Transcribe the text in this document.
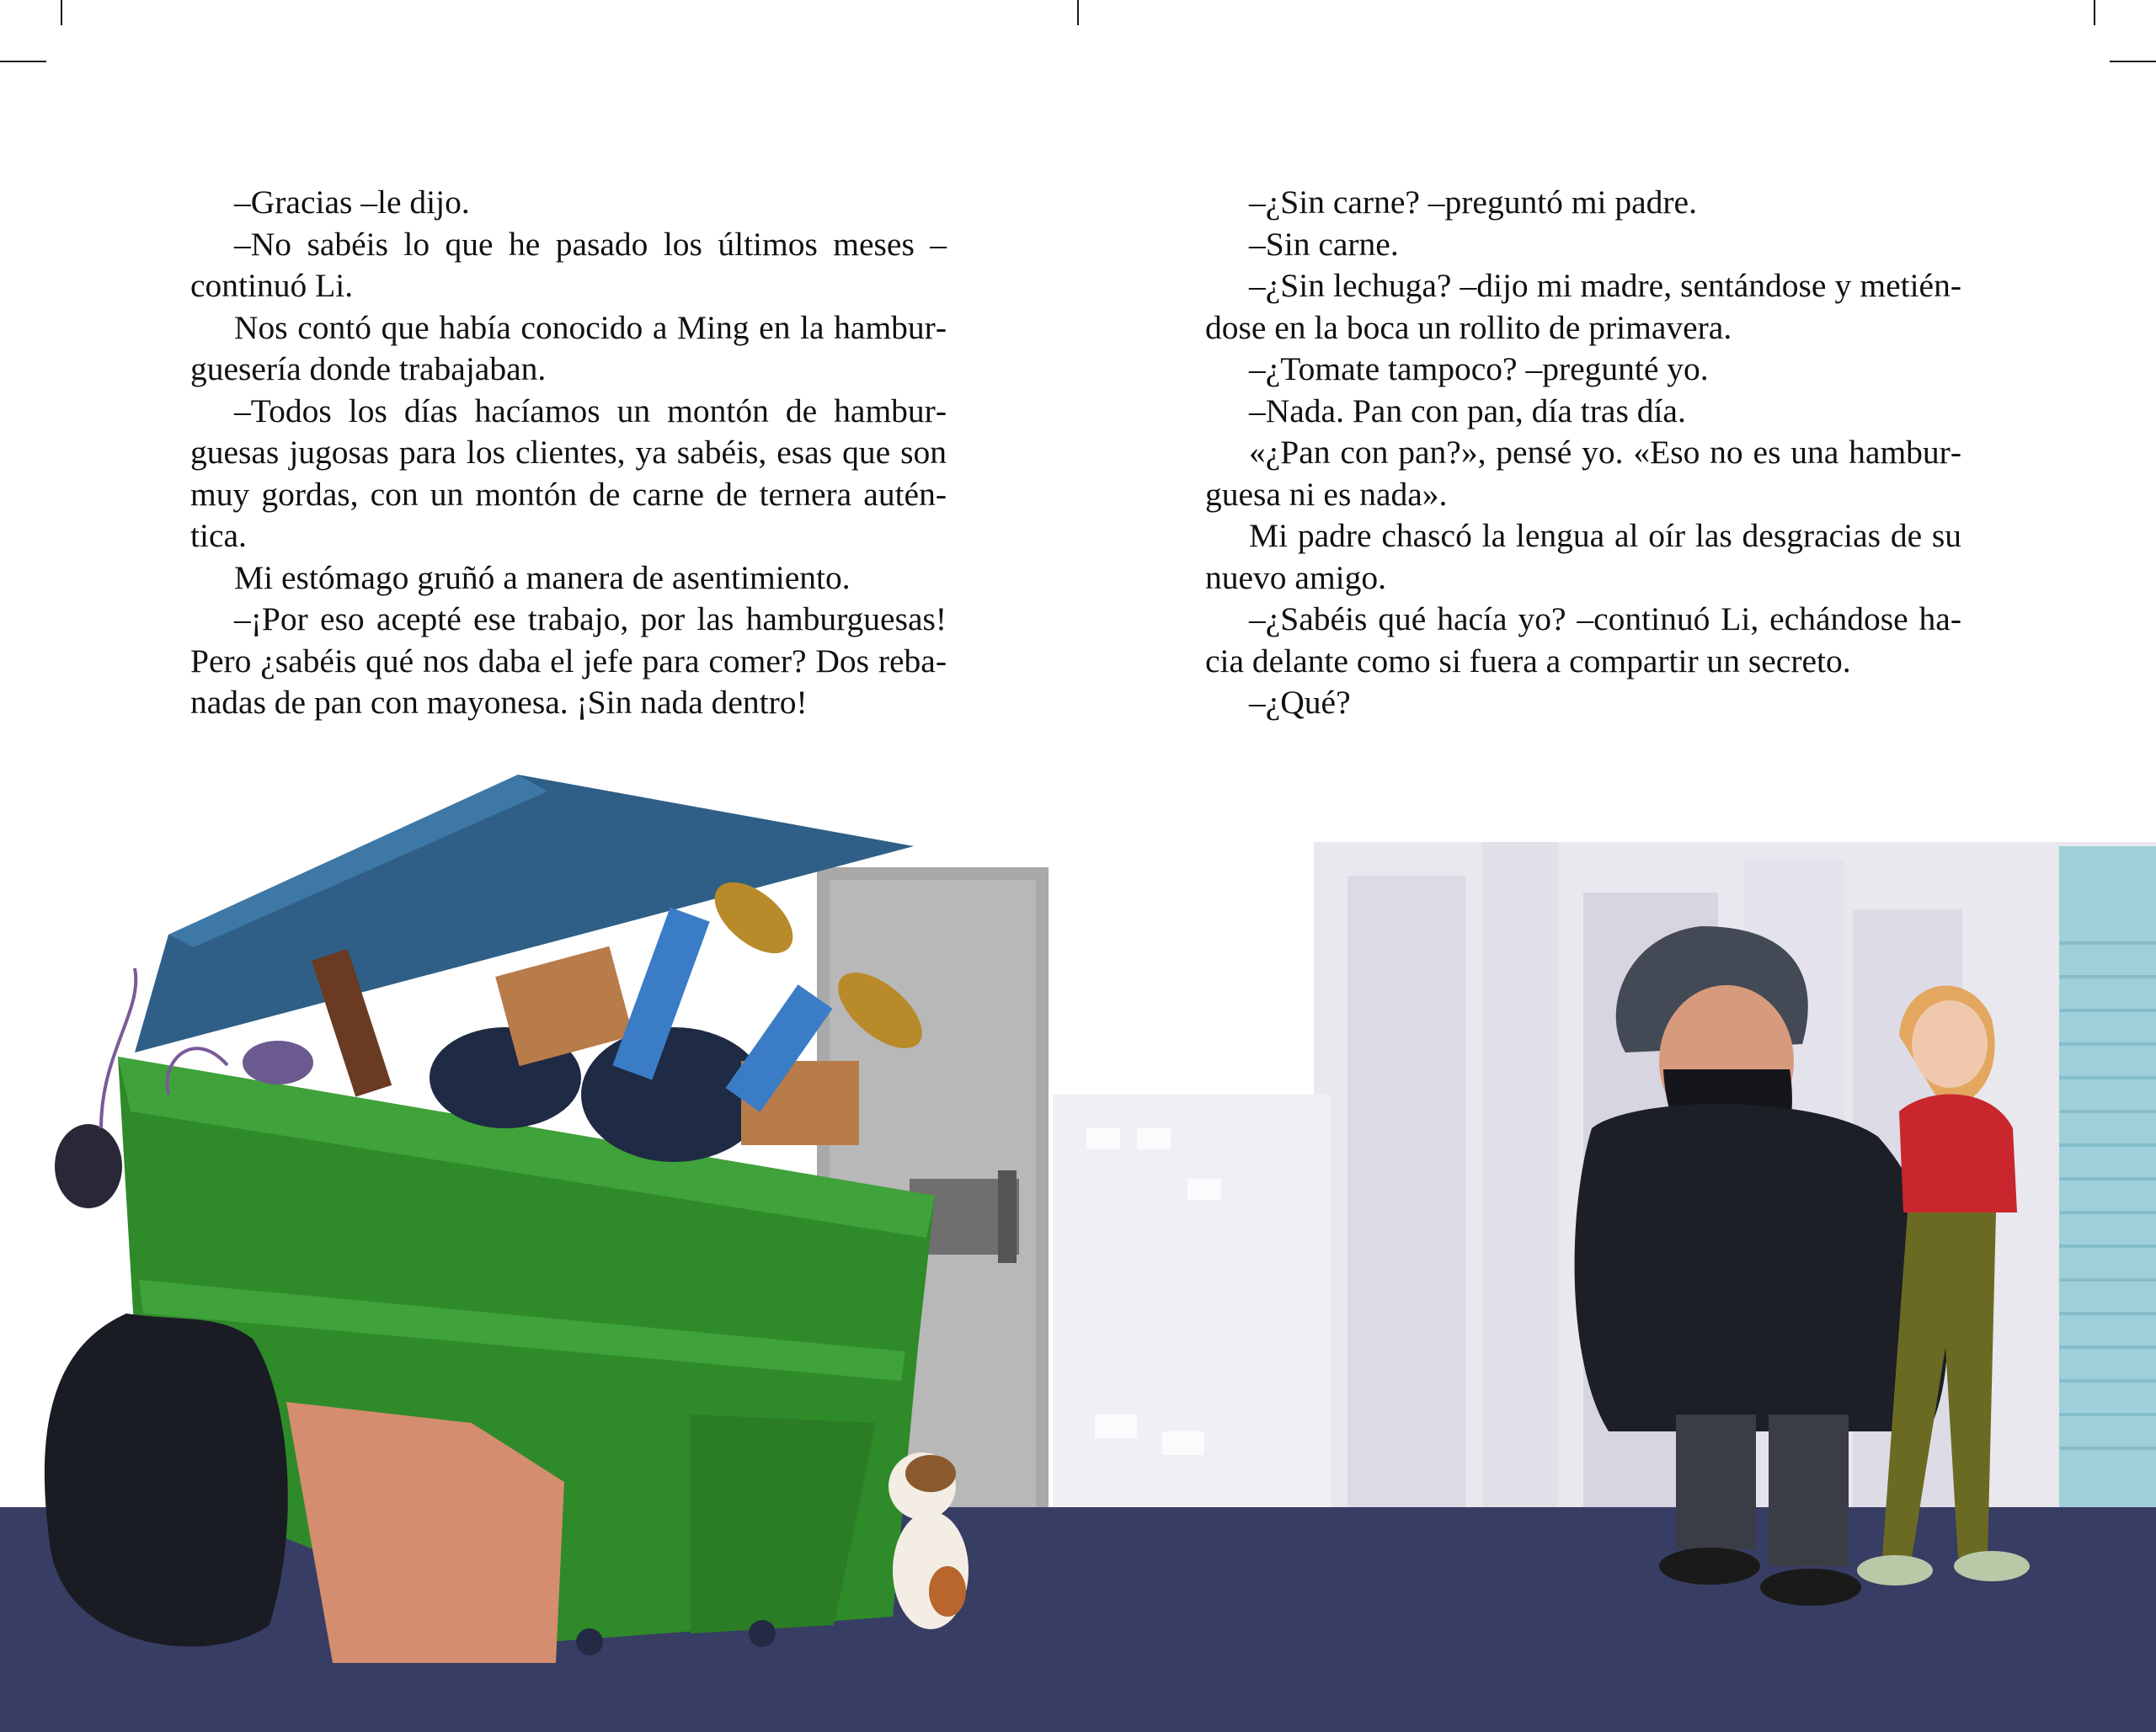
–Gracias –le dijo.

–No sabéis lo que he pasado los últimos meses –continuó Li.

Nos contó que había conocido a Ming en la hamburguesería donde trabajaban.

–Todos los días hacíamos un montón de hamburguesas jugosas para los clientes, ya sabéis, esas que son muy gordas, con un montón de carne de ternera auténtica.

Mi estómago gruñó a manera de asentimiento.

–¡Por eso acepté ese trabajo, por las hamburguesas! Pero ¿sabéis qué nos daba el jefe para comer? Dos rebanadas de pan con mayonesa. ¡Sin nada dentro!

–¿Sin carne? –preguntó mi padre.

–Sin carne.

–¿Sin lechuga? –dijo mi madre, sentándose y metiéndose en la boca un rollito de primavera.

–¿Tomate tampoco? –pregunté yo.

–Nada. Pan con pan, día tras día.

«¿Pan con pan?», pensé yo. «Eso no es una hamburguesa ni es nada».

Mi padre chascó la lengua al oír las desgracias de su nuevo amigo.

–¿Sabéis qué hacía yo? –continuó Li, echándose hacia delante como si fuera a compartir un secreto.

–¿Qué?
